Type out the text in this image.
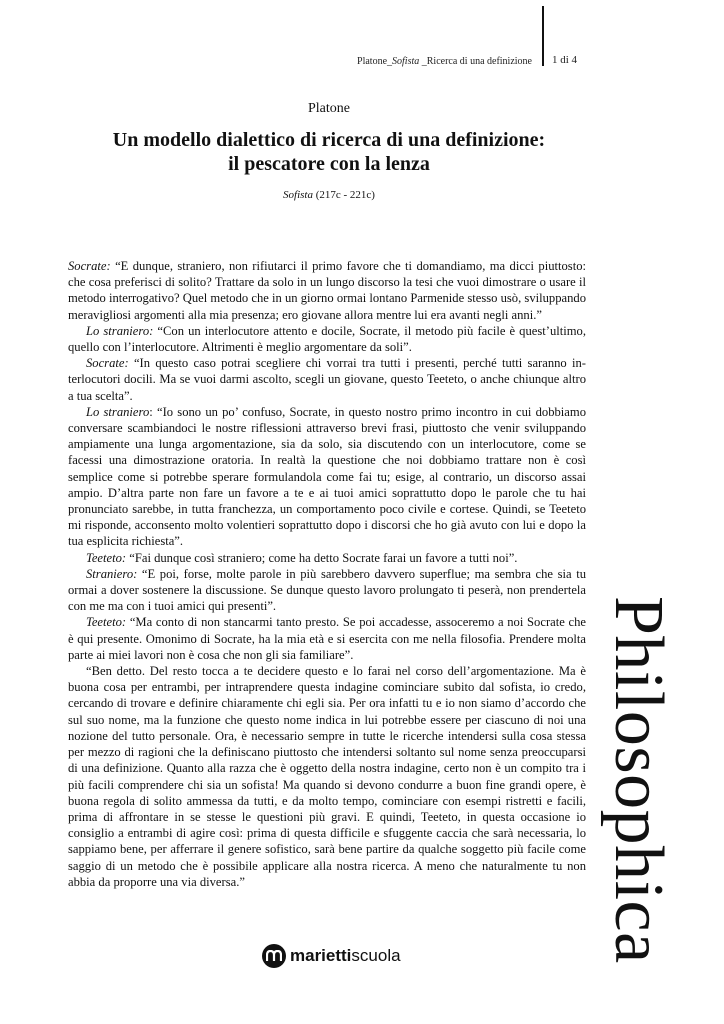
Platone_Sofista _Ricerca di una definizione 1 di 4
Platone
Un modello dialettico di ricerca di una definizione:
il pescatore con la lenza
Sofista (217c - 221c)

Socrate: “E dunque, straniero, non rifiutarci il primo favore che ti domandiamo, ma dicci piuttosto: che cosa preferisci di solito? Trattare da solo in un lungo discorso la tesi che vuoi dimostrare o usare il metodo interrogativo? Quel metodo che in un giorno ormai lontano Parmenide stesso usò, sviluppando meravigliosi argomenti alla mia presenza; ero giovane allora mentre lui era avanti negli anni.”

Lo straniero: “Con un interlocutore attento e docile, Socrate, il metodo più facile è quest’ultimo, quello con l’interlocutore. Altrimenti è meglio argomentare da soli”.

Socrate: “In questo caso potrai scegliere chi vorrai tra tutti i presenti, perché tutti saranno interlocutori docili. Ma se vuoi darmi ascolto, scegli un giovane, questo Teeteto, o anche chiunque altro a tua scelta”.

Lo straniero: “Io sono un po’ confuso, Socrate, in questo nostro primo incontro in cui dobbiamo conversare scambiandoci le nostre riflessioni attraverso brevi frasi, piuttosto che venir sviluppando ampiamente una lunga argomentazione, sia da solo, sia discutendo con un interlocutore, come se facessi una dimostrazione oratoria. In realtà la questione che noi dobbiamo trattare non è così semplice come si potrebbe sperare formulandola come fai tu; esige, al contrario, un discorso assai ampio. D’altra parte non fare un favore a te e ai tuoi amici soprattutto dopo le parole che tu hai pronunciato sarebbe, in tutta franchezza, un comportamento poco civile e cortese. Quindi, se Teeteto mi risponde, acconsento molto volentieri soprattutto dopo i discorsi che ho già avuto con lui e dopo la tua esplicita richiesta”.

Teeteto: “Fai dunque così straniero; come ha detto Socrate farai un favore a tutti noi”.

Straniero: “E poi, forse, molte parole in più sarebbero davvero superflue; ma sembra che sia tu ormai a dover sostenere la discussione. Se dunque questo lavoro prolungato ti peserà, non prendertela con me ma con i tuoi amici qui presenti”.

Teeteto: “Ma conto di non stancarmi tanto presto. Se poi accadesse, assoceremo a noi Socrate che è qui presente. Omonimo di Socrate, ha la mia età e si esercita con me nella filosofia. Prendere molta parte ai miei lavori non è cosa che non gli sia familiare”.

“Ben detto. Del resto tocca a te decidere questo e lo farai nel corso dell’argomentazione. Ma è buona cosa per entrambi, per intraprendere questa indagine cominciare subito dal sofista, io credo, cercando di trovare e definire chiaramente chi egli sia. Per ora infatti tu e io non siamo d’accordo che sul suo nome, ma la funzione che questo nome indica in lui potrebbe essere per ciascuno di noi una nozione del tutto personale. Ora, è necessario sempre in tutte le ricerche intendersi sulla cosa stessa per mezzo di ragioni che la definiscano piuttosto che intendersi soltanto sul nome senza preoccuparsi di una definizione. Quanto alla razza che è oggetto della nostra indagine, certo non è un compito tra i più facili comprendere chi sia un sofista! Ma quando si devono condurre a buon fine grandi opere, è buona regola di solito ammessa da tutti, e da molto tempo, cominciare con esempi ristretti e facili, prima di affrontare in se stesse le questioni più gravi. E quindi, Teeteto, in questa occasione io consiglio a entrambi di agire così: prima di questa difficile e sfuggente caccia che sarà necessaria, lo sappiamo bene, per afferrare il genere sofistico, sarà bene partire da qualche soggetto più facile come saggio di un metodo che è possibile applicare alla nostra ricerca. A meno che naturalmente tu non abbia da proporre una via diversa.”	Philosophica
marietti scuola
